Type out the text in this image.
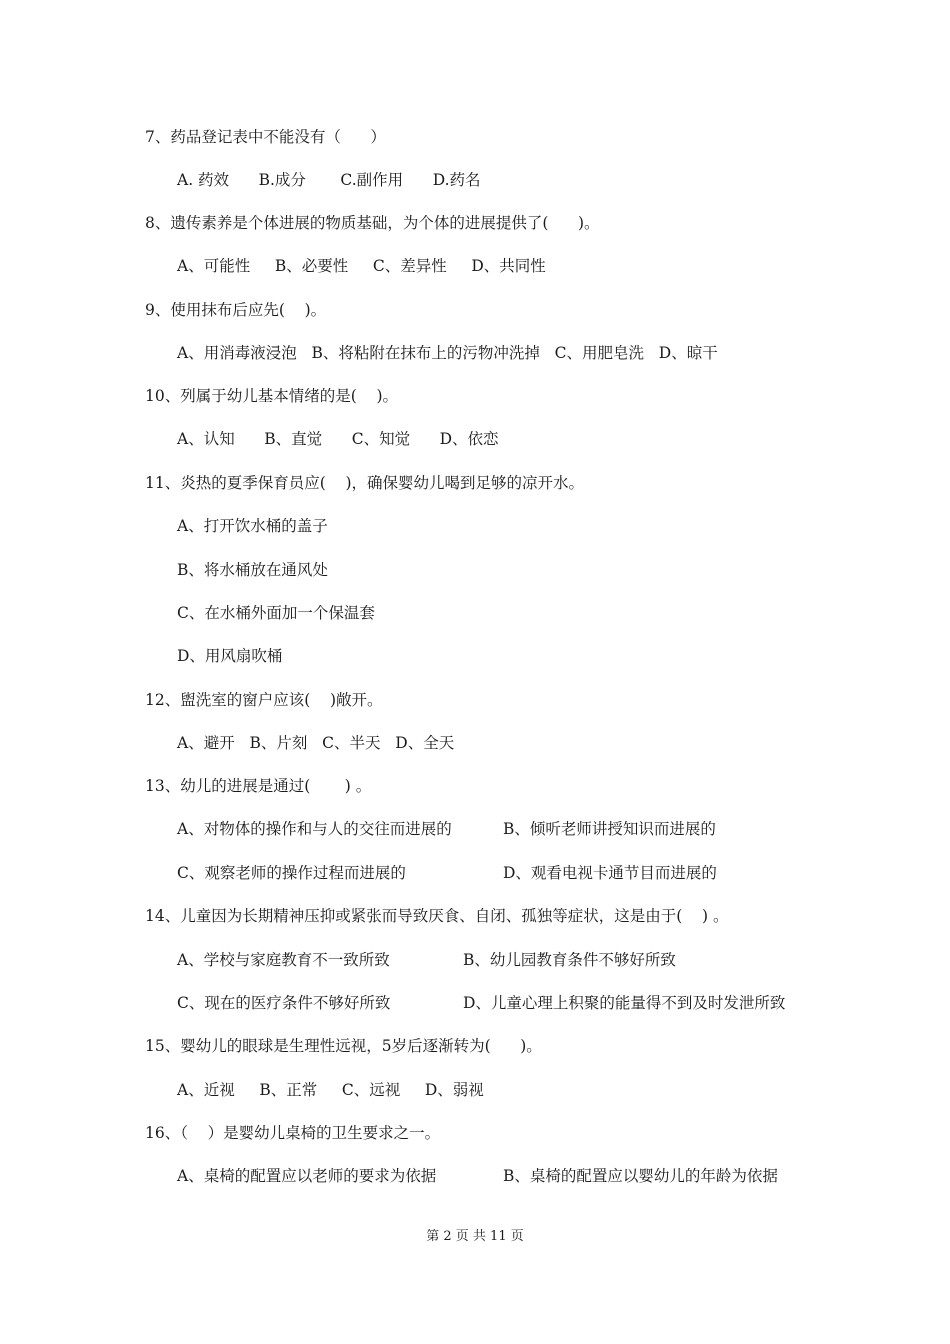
7、药品登记表中不能没有（      ）
A. 药效      B.成分       C.副作用      D.药名
8、遗传素养是个体进展的物质基础，为个体的进展提供了(      )。
A、可能性     B、必要性     C、差异性     D、共同性
9、使用抹布后应先(    )。
A、用消毒液浸泡   B、将粘附在抹布上的污物冲洗掉   C、用肥皂洗   D、晾干
10、列属于幼儿基本情绪的是(    )。
A、认知      B、直觉      C、知觉      D、依恋
11、炎热的夏季保育员应(    )，确保婴幼儿喝到足够的凉开水。
A、打开饮水桶的盖子
B、将水桶放在通风处
C、在水桶外面加一个保温套
D、用风扇吹桶
12、盥洗室的窗户应该(    )敞开。
A、避开   B、片刻   C、半天   D、全天
13、幼儿的进展是通过(       ) 。
A、对物体的操作和与人的交往而进展的	B、倾听老师讲授知识而进展的
C、观察老师的操作过程而进展的	D、观看电视卡通节目而进展的
14、儿童因为长期精神压抑或紧张而导致厌食、自闭、孤独等症状，这是由于(    ) 。
A、学校与家庭教育不一致所致	B、幼儿园教育条件不够好所致
C、现在的医疗条件不够好所致	D、儿童心理上积聚的能量得不到及时发泄所致
15、婴幼儿的眼球是生理性远视，5岁后逐渐转为(      )。
A、近视     B、正常     C、远视     D、弱视
16、（    ）是婴幼儿桌椅的卫生要求之一。
A、桌椅的配置应以老师的要求为依据	B、桌椅的配置应以婴幼儿的年龄为依据
第 2 页 共 11 页
